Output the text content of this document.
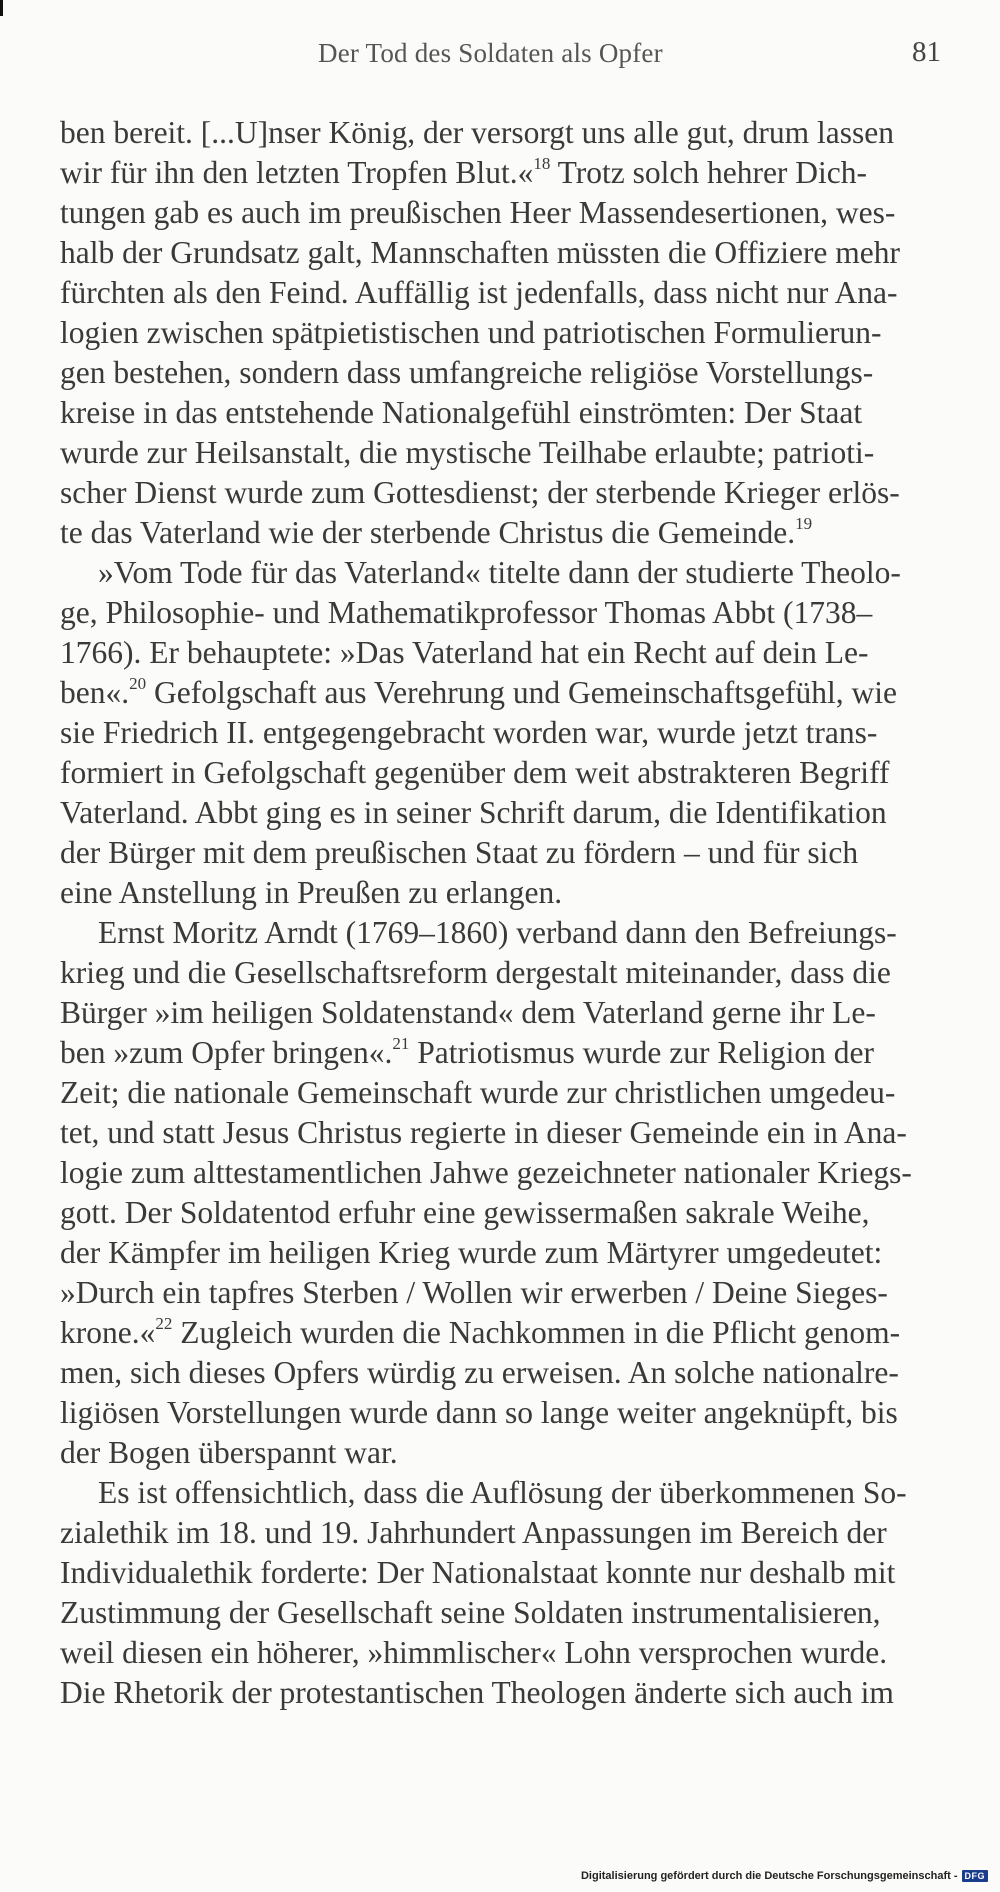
Der Tod des Soldaten als Opfer	81
ben bereit. [...U]nser König, der versorgt uns alle gut, drum lassen
wir für ihn den letzten Tropfen Blut.«$^{18}$ Trotz solch hehrer Dich-
tungen gab es auch im preußischen Heer Massendesertionen, wes-
halb der Grundsatz galt, Mannschaften müssten die Offiziere mehr
fürchten als den Feind. Auffällig ist jedenfalls, dass nicht nur Ana-
logien zwischen spätpietistischen und patriotischen Formulierun-
gen bestehen, sondern dass umfangreiche religiöse Vorstellungs-
kreise in das entstehende Nationalgefühl einströmten: Der Staat
wurde zur Heilsanstalt, die mystische Teilhabe erlaubte; patrioti-
scher Dienst wurde zum Gottesdienst; der sterbende Krieger erlös-
te das Vaterland wie der sterbende Christus die Gemeinde.$^{19}$
»Vom Tode für das Vaterland« titelte dann der studierte Theolo-
ge, Philosophie- und Mathematikprofessor Thomas Abbt (1738–
1766). Er behauptete: »Das Vaterland hat ein Recht auf dein Le-
ben«.$^{20}$ Gefolgschaft aus Verehrung und Gemeinschaftsgefühl, wie
sie Friedrich II. entgegengebracht worden war, wurde jetzt trans-
formiert in Gefolgschaft gegenüber dem weit abstrakteren Begriff
Vaterland. Abbt ging es in seiner Schrift darum, die Identifikation
der Bürger mit dem preußischen Staat zu fördern – und für sich
eine Anstellung in Preußen zu erlangen.
Ernst Moritz Arndt (1769–1860) verband dann den Befreiungs-
krieg und die Gesellschaftsreform dergestalt miteinander, dass die
Bürger »im heiligen Soldatenstand« dem Vaterland gerne ihr Le-
ben »zum Opfer bringen«.$^{21}$ Patriotismus wurde zur Religion der
Zeit; die nationale Gemeinschaft wurde zur christlichen umgedeu-
tet, und statt Jesus Christus regierte in dieser Gemeinde ein in Ana-
logie zum alttestamentlichen Jahwe gezeichneter nationaler Kriegs-
gott. Der Soldatentod erfuhr eine gewissermaßen sakrale Weihe,
der Kämpfer im heiligen Krieg wurde zum Märtyrer umgedeutet:
»Durch ein tapfres Sterben / Wollen wir erwerben / Deine Sieges-
krone.«$^{22}$ Zugleich wurden die Nachkommen in die Pflicht genom-
men, sich dieses Opfers würdig zu erweisen. An solche nationalre-
ligiösen Vorstellungen wurde dann so lange weiter angeknüpft, bis
der Bogen überspannt war.
Es ist offensichtlich, dass die Auflösung der überkommenen So-
zialethik im 18. und 19. Jahrhundert Anpassungen im Bereich der
Individualethik forderte: Der Nationalstaat konnte nur deshalb mit
Zustimmung der Gesellschaft seine Soldaten instrumentalisieren,
weil diesen ein höherer, »himmlischer« Lohn versprochen wurde.
Die Rhetorik der protestantischen Theologen änderte sich auch im
Digitalisierung gefördert durch die Deutsche Forschungsgemeinschaft - DFG
